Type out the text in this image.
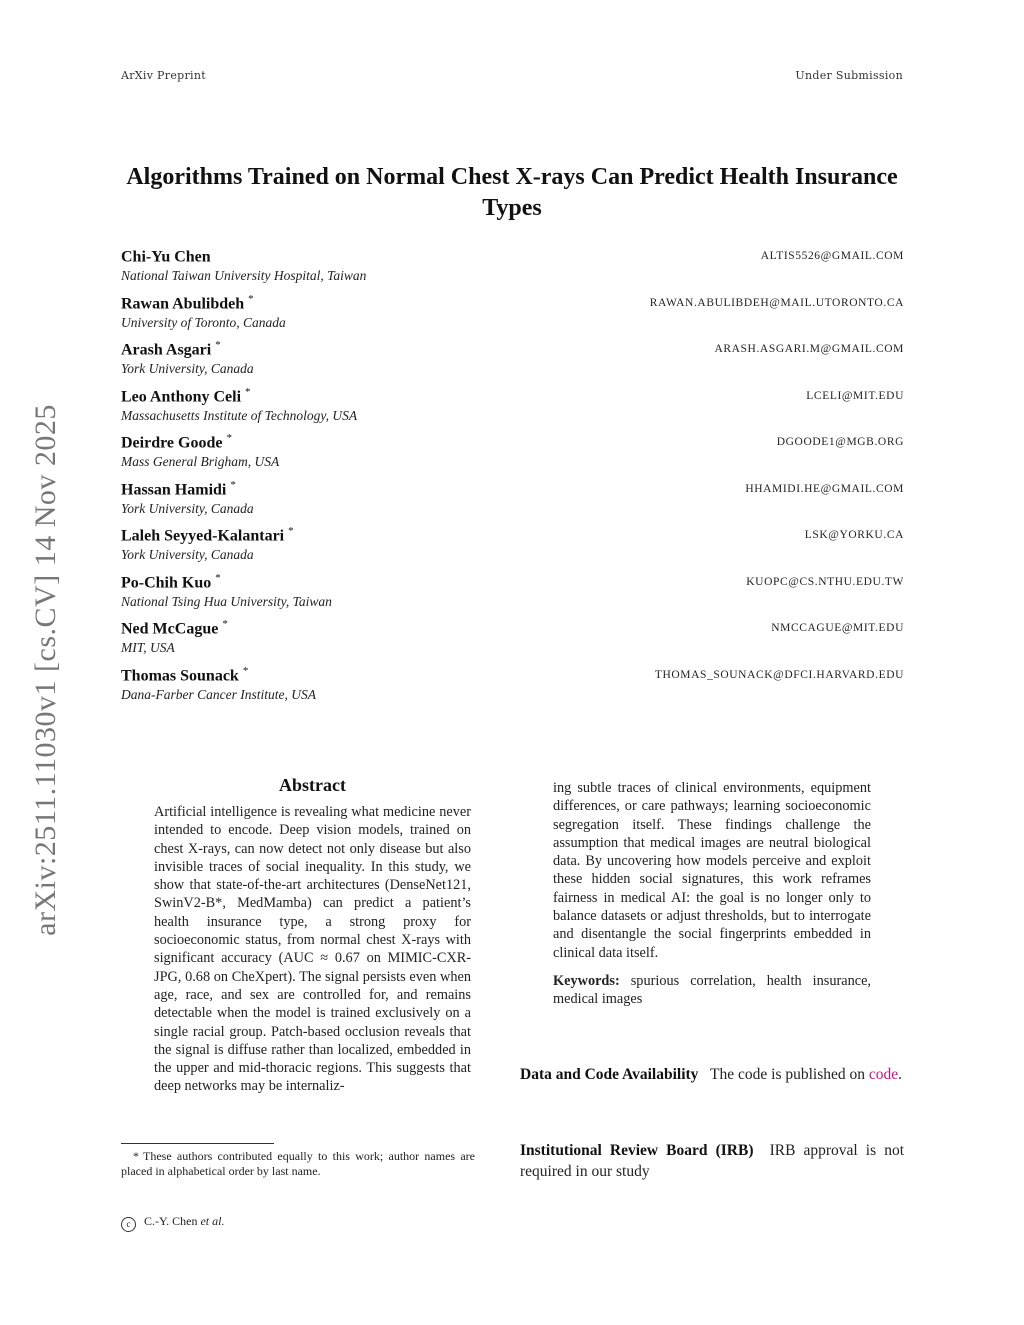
ArXiv Preprint	Under Submission
arXiv:2511.11030v1 [cs.CV] 14 Nov 2025
Algorithms Trained on Normal Chest X-rays Can Predict Health Insurance Types
Chi-Yu Chen
National Taiwan University Hospital, Taiwan
ALTIS5526@GMAIL.COM
Rawan Abulibdeh *
University of Toronto, Canada
RAWAN.ABULIBDEH@MAIL.UTORONTO.CA
Arash Asgari *
York University, Canada
ARASH.ASGARI.M@GMAIL.COM
Leo Anthony Celi *
Massachusetts Institute of Technology, USA
LCELI@MIT.EDU
Deirdre Goode *
Mass General Brigham, USA
DGOODE1@MGB.ORG
Hassan Hamidi *
York University, Canada
HHAMIDI.HE@GMAIL.COM
Laleh Seyyed-Kalantari *
York University, Canada
LSK@YORKU.CA
Po-Chih Kuo *
National Tsing Hua University, Taiwan
KUOPC@CS.NTHU.EDU.TW
Ned McCague *
MIT, USA
NMCCAGUE@MIT.EDU
Thomas Sounack *
Dana-Farber Cancer Institute, USA
THOMAS_SOUNACK@DFCI.HARVARD.EDU
Abstract
Artificial intelligence is revealing what medicine never intended to encode. Deep vision models, trained on chest X-rays, can now detect not only disease but also invisible traces of social inequality. In this study, we show that state-of-the-art architectures (DenseNet121, SwinV2-B*, MedMamba) can predict a patient’s health insurance type, a strong proxy for socioeconomic status, from normal chest X-rays with significant accuracy (AUC ≈ 0.67 on MIMIC-CXR-JPG, 0.68 on CheXpert). The signal persists even when age, race, and sex are controlled for, and remains detectable when the model is trained exclusively on a single racial group. Patch-based occlusion reveals that the signal is diffuse rather than localized, embedded in the upper and mid-thoracic regions. This suggests that deep networks may be internaliz-
ing subtle traces of clinical environments, equipment differences, or care pathways; learning socioeconomic segregation itself. These findings challenge the assumption that medical images are neutral biological data. By uncovering how models perceive and exploit these hidden social signatures, this work reframes fairness in medical AI: the goal is no longer only to balance datasets or adjust thresholds, but to interrogate and disentangle the social fingerprints embedded in clinical data itself.
Keywords: spurious correlation, health insurance, medical images
Data and Code Availability The code is published on code.
Institutional Review Board (IRB) IRB approval is not required in our study
* These authors contributed equally to this work; author names are placed in alphabetical order by last name.
c C.-Y. Chen et al.
